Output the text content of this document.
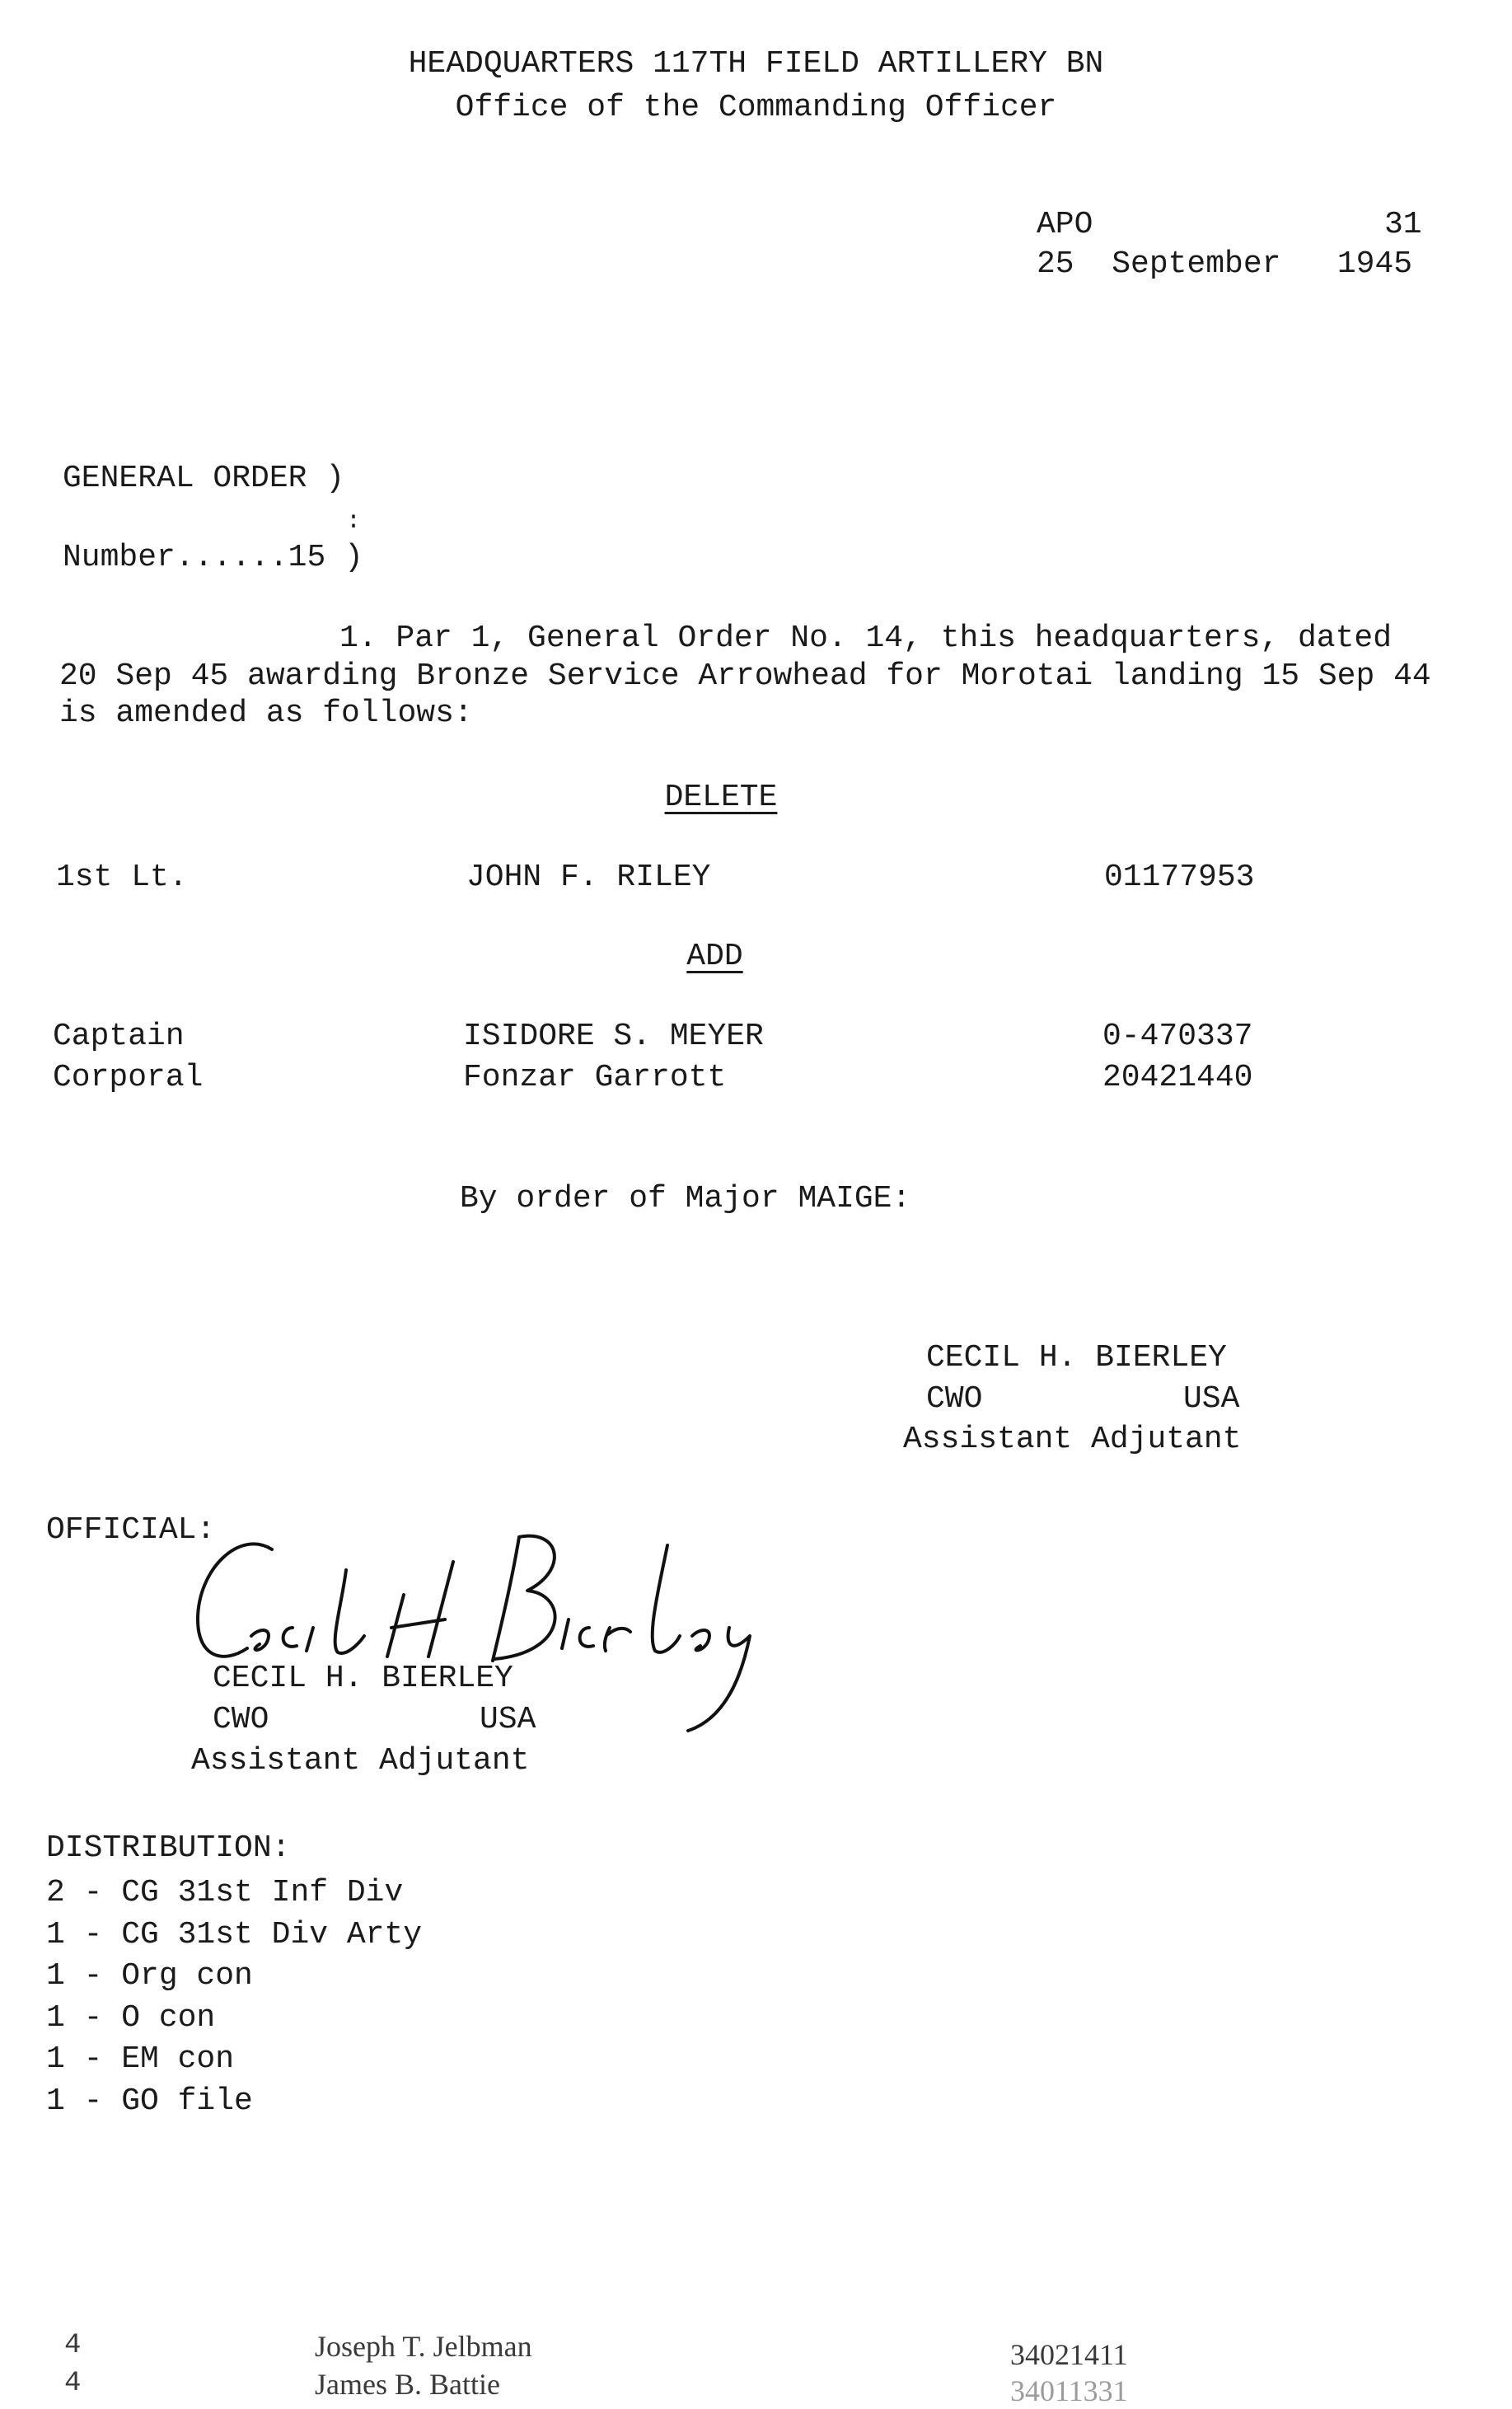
HEADQUARTERS 117TH FIELD ARTILLERY BN
Office of the Commanding Officer
APO	31
25  September   1945
GENERAL ORDER )
:
Number......15 )
1. Par 1, General Order No. 14, this headquarters, dated 20 Sep 45 awarding Bronze Service Arrowhead for Morotai landing 15 Sep 44 is amended as follows:
DELETE
1st Lt.	JOHN F. RILEY	01177953
ADD
Captain	ISIDORE S. MEYER	0-470337
Corporal	Fonzar Garrott	20421440
By order of Major MAIGE:
CECIL H. BIERLEY
CWO	USA
Assistant Adjutant
OFFICIAL:
CECIL H. BIERLEY
CWO	USA
Assistant Adjutant
DISTRIBUTION:
2 - CG 31st Inf Div
1 - CG 31st Div Arty
1 - Org con
1 - O con
1 - EM con
1 - GO file
4	Joseph T. Jelbman	34021411
4	James B. Battie	34011331
